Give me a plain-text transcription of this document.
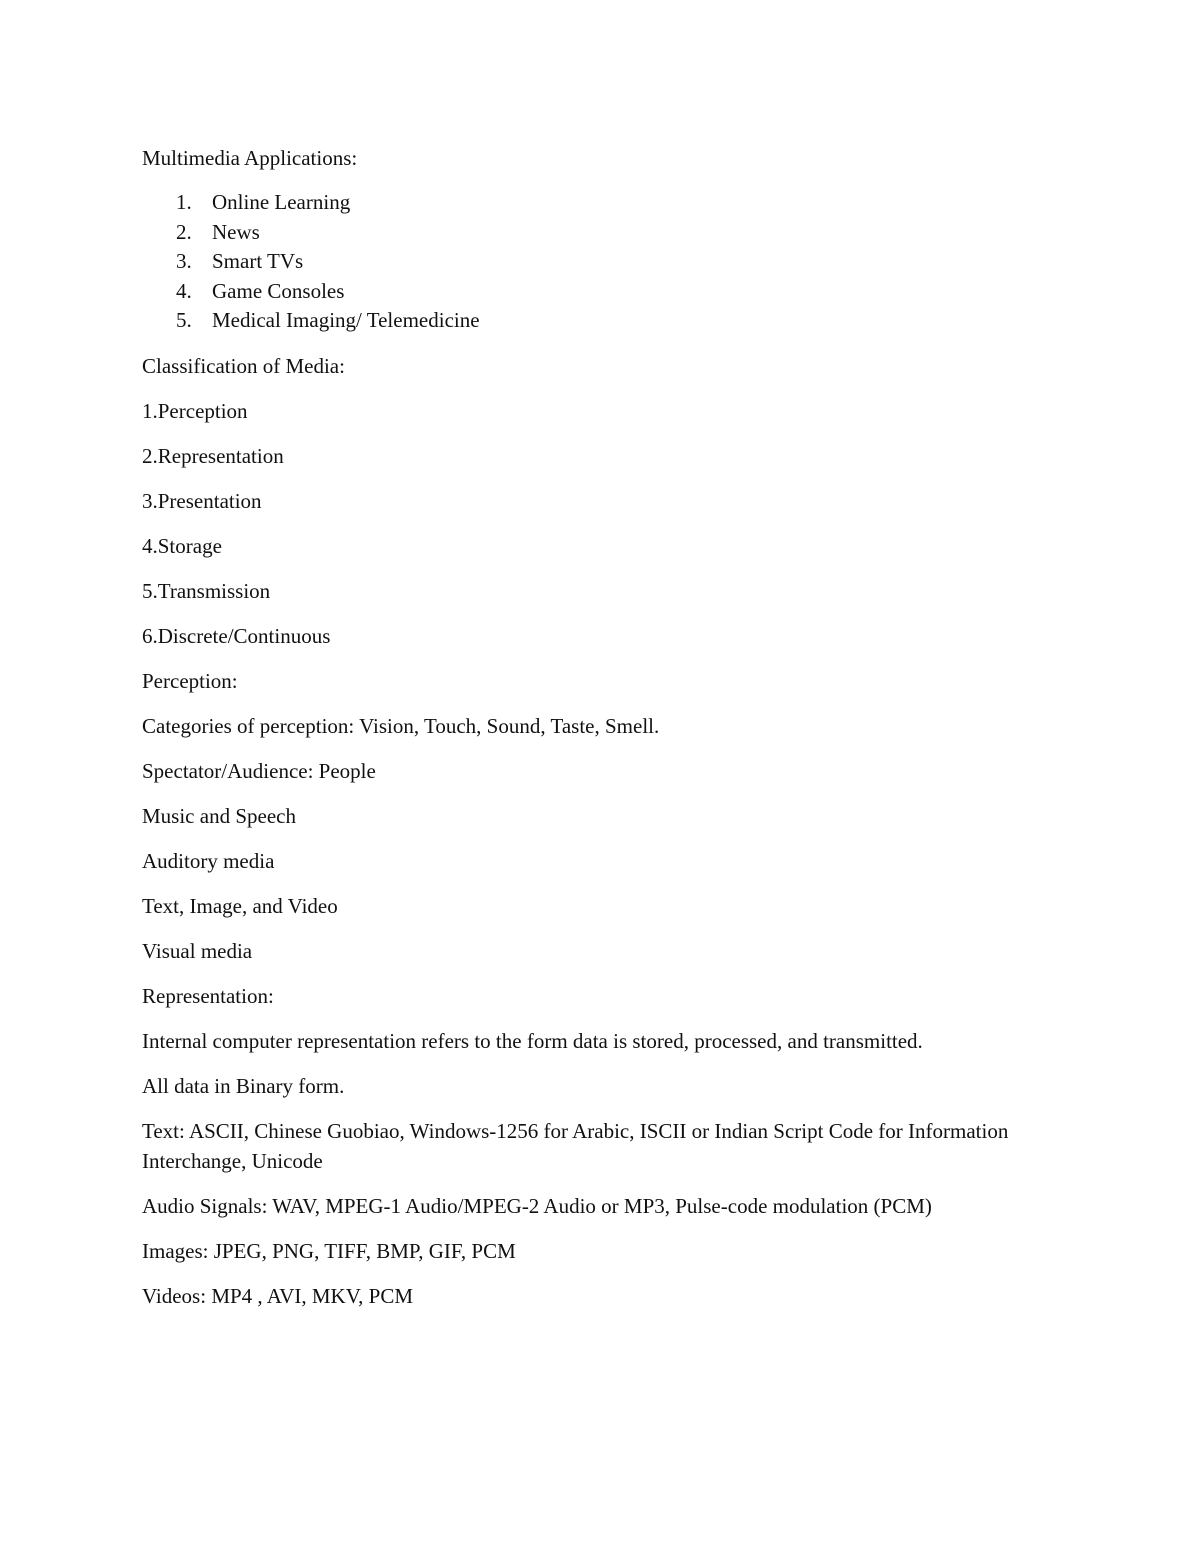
Multimedia Applications:

1. Online Learning
2. News
3. Smart TVs
4. Game Consoles
5. Medical Imaging/ Telemedicine

Classification of Media:

1.Perception

2.Representation

3.Presentation

4.Storage

5.Transmission

6.Discrete/Continuous

Perception:

Categories of perception: Vision, Touch, Sound, Taste, Smell.

Spectator/Audience: People

Music and Speech

Auditory media

Text, Image, and Video

Visual media

Representation:

Internal computer representation refers to the form data is stored, processed, and transmitted.

All data in Binary form.

Text: ASCII, Chinese Guobiao, Windows-1256 for Arabic, ISCII or Indian Script Code for Information Interchange, Unicode

Audio Signals: WAV, MPEG-1 Audio/MPEG-2 Audio or MP3, Pulse-code modulation (PCM)

Images: JPEG, PNG, TIFF, BMP, GIF, PCM

Videos: MP4 , AVI, MKV, PCM
